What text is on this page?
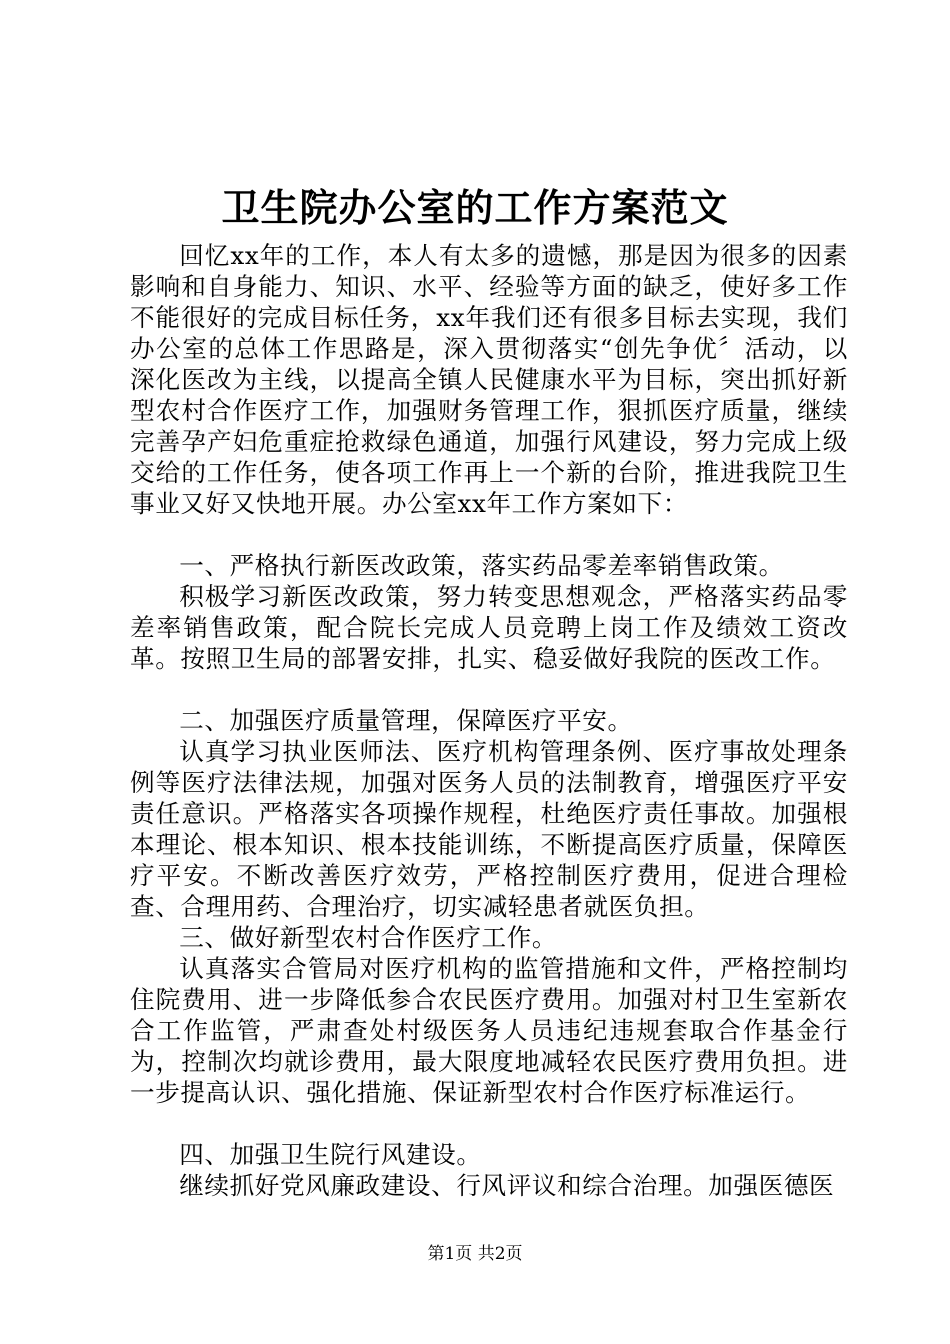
卫生院办公室的工作方案范文

回忆xx年的工作，本人有太多的遗憾，那是因为很多的因素影响和自身能力、知识、水平、经验等方面的缺乏，使好多工作不能很好的完成目标任务，xx年我们还有很多目标去实现，我们办公室的总体工作思路是，深入贯彻落实“创先争优〞活动，以深化医改为主线，以提高全镇人民健康水平为目标，突出抓好新型农村合作医疗工作，加强财务管理工作，狠抓医疗质量，继续完善孕产妇危重症抢救绿色通道，加强行风建设，努力完成上级交给的工作任务，使各项工作再上一个新的台阶，推进我院卫生事业又好又快地开展。办公室xx年工作方案如下：

一、严格执行新医改政策，落实药品零差率销售政策。

积极学习新医改政策，努力转变思想观念，严格落实药品零差率销售政策，配合院长完成人员竞聘上岗工作及绩效工资改革。按照卫生局的部署安排，扎实、稳妥做好我院的医改工作。

二、加强医疗质量管理，保障医疗平安。

认真学习执业医师法、医疗机构管理条例、医疗事故处理条例等医疗法律法规，加强对医务人员的法制教育，增强医疗平安责任意识。严格落实各项操作规程，杜绝医疗责任事故。加强根本理论、根本知识、根本技能训练，不断提高医疗质量，保障医疗平安。不断改善医疗效劳，严格控制医疗费用，促进合理检查、合理用药、合理治疗，切实减轻患者就医负担。

三、做好新型农村合作医疗工作。

认真落实合管局对医疗机构的监管措施和文件，严格控制均住院费用、进一步降低参合农民医疗费用。加强对村卫生室新农合工作监管，严肃查处村级医务人员违纪违规套取合作基金行为，控制次均就诊费用，最大限度地减轻农民医疗费用负担。进一步提高认识、强化措施、保证新型农村合作医疗标准运行。

四、加强卫生院行风建设。

继续抓好党风廉政建设、行风评议和综合治理。加强医德医

第1页 共2页
